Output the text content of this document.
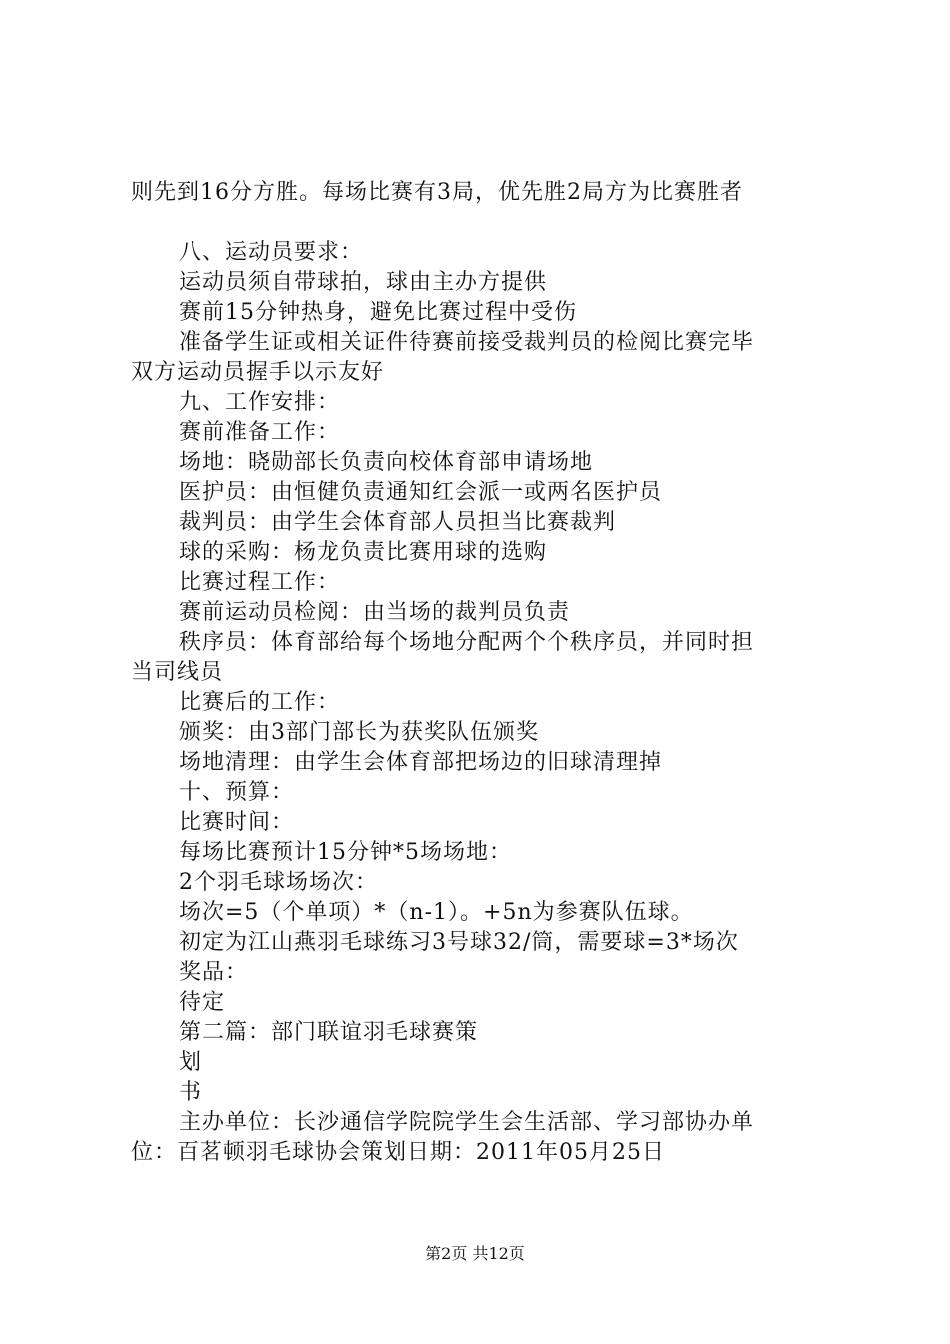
则先到16分方胜。每场比赛有3局，优先胜2局方为比赛胜者
八、运动员要求：
运动员须自带球拍，球由主办方提供
赛前15分钟热身，避免比赛过程中受伤
准备学生证或相关证件待赛前接受裁判员的检阅比赛完毕
双方运动员握手以示友好
九、工作安排：
赛前准备工作：
场地：晓勋部长负责向校体育部申请场地
医护员：由恒健负责通知红会派一或两名医护员
裁判员：由学生会体育部人员担当比赛裁判
球的采购：杨龙负责比赛用球的选购
比赛过程工作：
赛前运动员检阅：由当场的裁判员负责
秩序员：体育部给每个场地分配两个个秩序员，并同时担
当司线员
比赛后的工作：
颁奖：由3部门部长为获奖队伍颁奖
场地清理：由学生会体育部把场边的旧球清理掉
十、预算：
比赛时间：
每场比赛预计15分钟*5场场地：
2个羽毛球场场次：
场次=5（个单项）*（n-1）。+5n为参赛队伍球。
初定为江山燕羽毛球练习3号球32/筒，需要球=3*场次
奖品：
待定
第二篇：部门联谊羽毛球赛策
划
书
主办单位：长沙通信学院院学生会生活部、学习部协办单
位：百茗顿羽毛球协会策划日期：2011年05月25日
第2页 共12页
